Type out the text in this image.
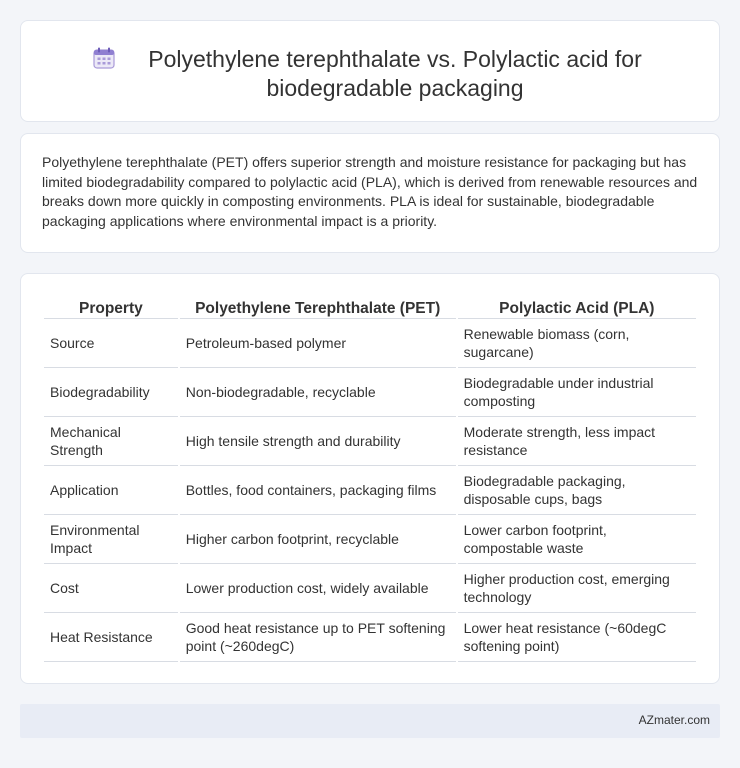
Polyethylene terephthalate vs. Polylactic acid for
biodegradable packaging

Polyethylene terephthalate (PET) offers superior strength and moisture resistance for packaging but has limited biodegradability compared to polylactic acid (PLA), which is derived from renewable resources and breaks down more quickly in composting environments. PLA is ideal for sustainable, biodegradable packaging applications where environmental impact is a priority.

Property	Polyethylene Terephthalate (PET)	Polylactic Acid (PLA)
Source	Petroleum-based polymer	Renewable biomass (corn, sugarcane)
Biodegradability	Non-biodegradable, recyclable	Biodegradable under industrial composting
Mechanical Strength	High tensile strength and durability	Moderate strength, less impact resistance
Application	Bottles, food containers, packaging films	Biodegradable packaging, disposable cups, bags
Environmental Impact	Higher carbon footprint, recyclable	Lower carbon footprint, compostable waste
Cost	Lower production cost, widely available	Higher production cost, emerging technology
Heat Resistance	Good heat resistance up to PET softening point (~260degC)	Lower heat resistance (~60degC softening point)
AZmater.com
